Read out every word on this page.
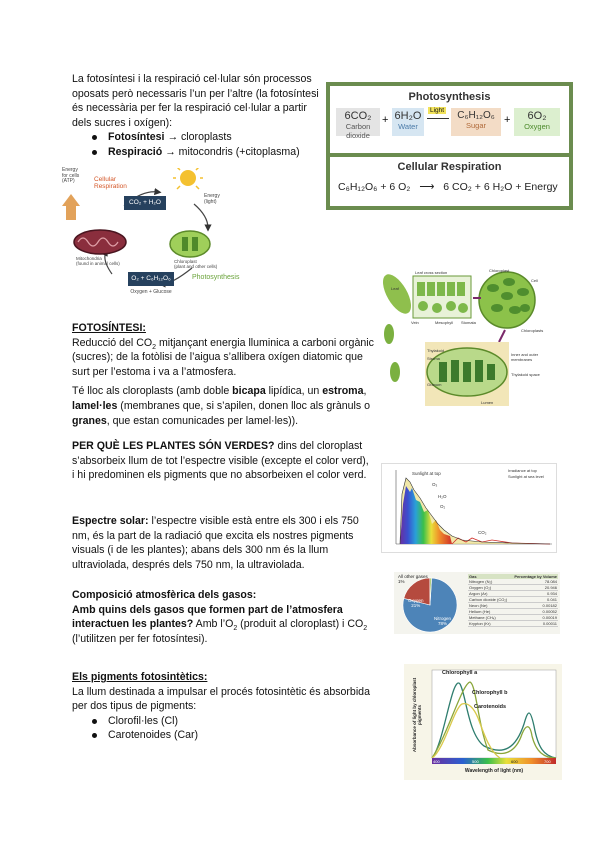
La fotosíntesi i la respiració cel·lular són processos oposats però necessaris l’un per l’altre (la fotosíntesi és necessària per fer la respiració cel·lular a partir dels sucres i oxígen):

Fotosíntesi → cloroplasts
Respiració → mitocondris (+citoplasma)
Photosynthesis
6CO₂
Carbon dioxide
+ 6H₂O
Water
Light	C₆H₁₂O₆
Sugar	+	6O₂
Oxygen
Cellular Respiration
C₆H₁₂O₆ + 6 O₂ ⟶ 6 CO₂ + 6 H₂O + Energy
Cellular
Respiration
Energy
for cells
(ATP)
Energy
(light)
CO₂ + H₂O
O₂ + C₆H₁₂O₆
Oxygen + Glucose
Photosynthesis
Mitochondria
(found in animal cells)	Chloroplast
(plant and other cells)
Leaf
Leaf cross section	Chloroplast
Vein	Mesophyll Stomata
Cell
Chloroplasts
Thylakoid
Stroma
Granum
Inner and outer membranes
Thylakoid space
Lumen

FOTOSÍNTESI:

Reducció del $CO_2$ mitjançant energia lluminica a carboni orgànic (sucres); de la fotòlisi de l’aigua s’allibera oxígen diatomic que surt per l’estoma i va a l’atmosfera.

Té lloc als cloroplasts (amb doble bicapa lipídica, un estroma, lamel·les (membranes que, si s’apilen, donen lloc als grànuls o granes, que estan comunicades per lamel·les)).

PER QUÈ LES PLANTES SÓN VERDES? dins del cloroplast s’absorbeix llum de tot l’espectre visible (excepte el color verd), i hi predominen els pigments que no absorbeixen el color verd.	Sunlight at top
O₃
H₂O
O₂
CO₂
Irradiance at top
Sunlight at sea level

Espectre solar: l’espectre visible està entre els 300 i els 750 nm, és la part de la radiació que excita els nostres pigments visuals (i de les plantes); abans dels 300 nm és la llum ultraviolada, després dels 750 nm, la ultraviolada.

All other gases
1%
Oxygen
21%
Nitrogen
78%
Gas	Percentage by Volume
Nitrogen (N₂)	78.084
Oxygen (O₂)	20.946
Argon (Ar)	0.934
Carbon dioxide (CO₂)	0.041
Neon (Ne)	0.00182
Helium (He)	0.00052
Methane (CH₄)	0.00019
Krypton (Kr)	0.00011

Composició atmosfèrica dels gasos:

Amb quins dels gasos que formen part de l’atmosfera interactuen les plantes? Amb $l’O_2$ (produit al cloroplast) i $CO_2$ (l’utilitzen per fer fotosíntesi).

Els pigments fotosintètics:

La llum destinada a impulsar el procés fotosintètic és absorbida per dos tipus de pigments:

Clorofil·les (Cl)
Carotenoides (Car)
Chlorophyll a
Chlorophyll b
Carotenoids
400	500	600	700
Wavelength of light (nm)
Absorbance of light by chloroplast pigments
